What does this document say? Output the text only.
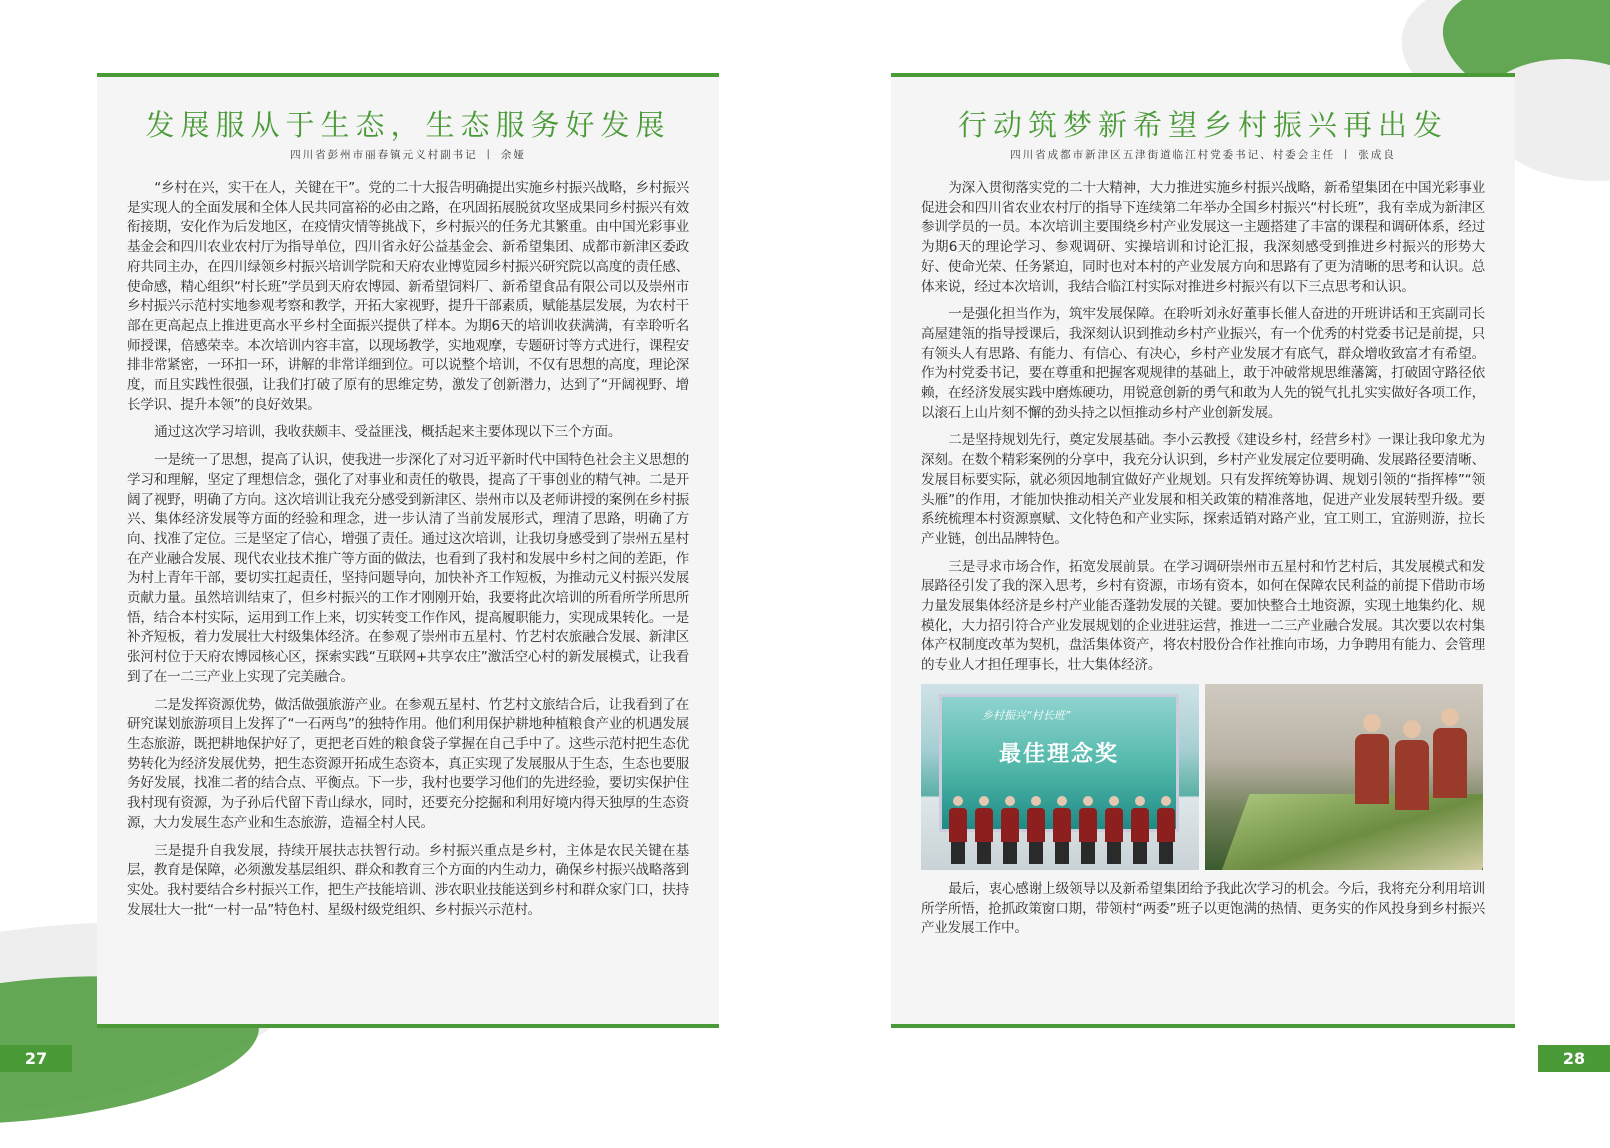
发展服从于生态，生态服务好发展
四川省彭州市丽春镇元义村副书记 丨 余娅

“乡村在兴，实干在人，关键在干”。党的二十大报告明确提出实施乡村振兴战略，乡村振兴是实现人的全面发展和全体人民共同富裕的必由之路，在巩固拓展脱贫攻坚成果同乡村振兴有效衔接期，安化作为后发地区，在疫情灾情等挑战下，乡村振兴的任务尤其繁重。由中国光彩事业基金会和四川农业农村厅为指导单位，四川省永好公益基金会、新希望集团、成都市新津区委政府共同主办，在四川绿领乡村振兴培训学院和天府农业博览园乡村振兴研究院以高度的责任感、使命感，精心组织“村长班”学员到天府农博园、新希望饲料厂、新希望食品有限公司以及崇州市乡村振兴示范村实地参观考察和教学，开拓大家视野，提升干部素质，赋能基层发展，为农村干部在更高起点上推进更高水平乡村全面振兴提供了样本。为期6天的培训收获满满，有幸聆听名师授课，倍感荣幸。本次培训内容丰富，以现场教学，实地观摩，专题研讨等方式进行，课程安排非常紧密，一环扣一环，讲解的非常详细到位。可以说整个培训，不仅有思想的高度，理论深度，而且实践性很强，让我们打破了原有的思维定势，激发了创新潜力，达到了“开阔视野、增长学识、提升本领”的良好效果。

通过这次学习培训，我收获颇丰、受益匪浅，概括起来主要体现以下三个方面。

一是统一了思想，提高了认识，使我进一步深化了对习近平新时代中国特色社会主义思想的学习和理解，坚定了理想信念，强化了对事业和责任的敬畏，提高了干事创业的精气神。二是开阔了视野，明确了方向。这次培训让我充分感受到新津区、崇州市以及老师讲授的案例在乡村振兴、集体经济发展等方面的经验和理念，进一步认清了当前发展形式，理清了思路，明确了方向、找准了定位。三是坚定了信心，增强了责任。通过这次培训，让我切身感受到了崇州五星村在产业融合发展、现代农业技术推广等方面的做法，也看到了我村和发展中乡村之间的差距，作为村上青年干部，要切实扛起责任，坚持问题导向，加快补齐工作短板，为推动元义村振兴发展贡献力量。虽然培训结束了，但乡村振兴的工作才刚刚开始，我要将此次培训的所看所学所思所悟，结合本村实际，运用到工作上来，切实转变工作作风，提高履职能力，实现成果转化。一是补齐短板，着力发展壮大村级集体经济。在参观了崇州市五星村、竹艺村农旅融合发展、新津区张河村位于天府农博园核心区，探索实践“互联网+共享农庄”激活空心村的新发展模式，让我看到了在一二三产业上实现了完美融合。

二是发挥资源优势，做活做强旅游产业。在参观五星村、竹艺村文旅结合后，让我看到了在研究谋划旅游项目上发挥了“一石两鸟”的独特作用。他们利用保护耕地种植粮食产业的机遇发展生态旅游，既把耕地保护好了，更把老百姓的粮食袋子掌握在自己手中了。这些示范村把生态优势转化为经济发展优势，把生态资源开拓成生态资本，真正实现了发展服从于生态，生态也要服务好发展，找准二者的结合点、平衡点。下一步，我村也要学习他们的先进经验，要切实保护住我村现有资源，为子孙后代留下青山绿水，同时，还要充分挖掘和利用好境内得天独厚的生态资源，大力发展生态产业和生态旅游，造福全村人民。

三是提升自我发展，持续开展扶志扶智行动。乡村振兴重点是乡村，主体是农民关键在基层，教育是保障，必须激发基层组织、群众和教育三个方面的内生动力，确保乡村振兴战略落到实处。我村要结合乡村振兴工作，把生产技能培训、涉农职业技能送到乡村和群众家门口，扶持发展壮大一批“一村一品”特色村、星级村级党组织、乡村振兴示范村。

行动筑梦新希望乡村振兴再出发
四川省成都市新津区五津街道临江村党委书记、村委会主任 丨 张成良

为深入贯彻落实党的二十大精神，大力推进实施乡村振兴战略，新希望集团在中国光彩事业促进会和四川省农业农村厅的指导下连续第二年举办全国乡村振兴“村长班”，我有幸成为新津区参训学员的一员。本次培训主要围绕乡村产业发展这一主题搭建了丰富的课程和调研体系，经过为期6天的理论学习、参观调研、实操培训和讨论汇报，我深刻感受到推进乡村振兴的形势大好、使命光荣、任务紧迫，同时也对本村的产业发展方向和思路有了更为清晰的思考和认识。总体来说，经过本次培训，我结合临江村实际对推进乡村振兴有以下三点思考和认识。

一是强化担当作为，筑牢发展保障。在聆听刘永好董事长催人奋进的开班讲话和王宾副司长高屋建瓴的指导授课后，我深刻认识到推动乡村产业振兴，有一个优秀的村党委书记是前提，只有领头人有思路、有能力、有信心、有决心，乡村产业发展才有底气，群众增收致富才有希望。作为村党委书记，要在尊重和把握客观规律的基础上，敢于冲破常规思维藩篱，打破固守路径依赖，在经济发展实践中磨炼硬功，用锐意创新的勇气和敢为人先的锐气扎扎实实做好各项工作，以滚石上山片刻不懈的劲头持之以恒推动乡村产业创新发展。

二是坚持规划先行，奠定发展基础。李小云教授《建设乡村，经营乡村》一课让我印象尤为深刻。在数个精彩案例的分享中，我充分认识到，乡村产业发展定位要明确、发展路径要清晰、发展目标要实际，就必须因地制宜做好产业规划。只有发挥统筹协调、规划引领的“指挥棒”“领头雁”的作用，才能加快推动相关产业发展和相关政策的精准落地，促进产业发展转型升级。要系统梳理本村资源禀赋、文化特色和产业实际，探索适销对路产业，宜工则工，宜游则游，拉长产业链，创出品牌特色。

三是寻求市场合作，拓宽发展前景。在学习调研崇州市五星村和竹艺村后，其发展模式和发展路径引发了我的深入思考，乡村有资源，市场有资本，如何在保障农民利益的前提下借助市场力量发展集体经济是乡村产业能否蓬勃发展的关键。要加快整合土地资源，实现土地集约化、规模化，大力招引符合产业发展规划的企业进驻运营，推进一二三产业融合发展。其次要以农村集体产权制度改革为契机，盘活集体资产，将农村股份合作社推向市场，力争聘用有能力、会管理的专业人才担任理事长，壮大集体经济。

乡村振兴“村长班”
最佳理念奖

最后，衷心感谢上级领导以及新希望集团给予我此次学习的机会。今后，我将充分利用培训所学所悟，抢抓政策窗口期，带领村“两委”班子以更饱满的热情、更务实的作风投身到乡村振兴产业发展工作中。

27	28
